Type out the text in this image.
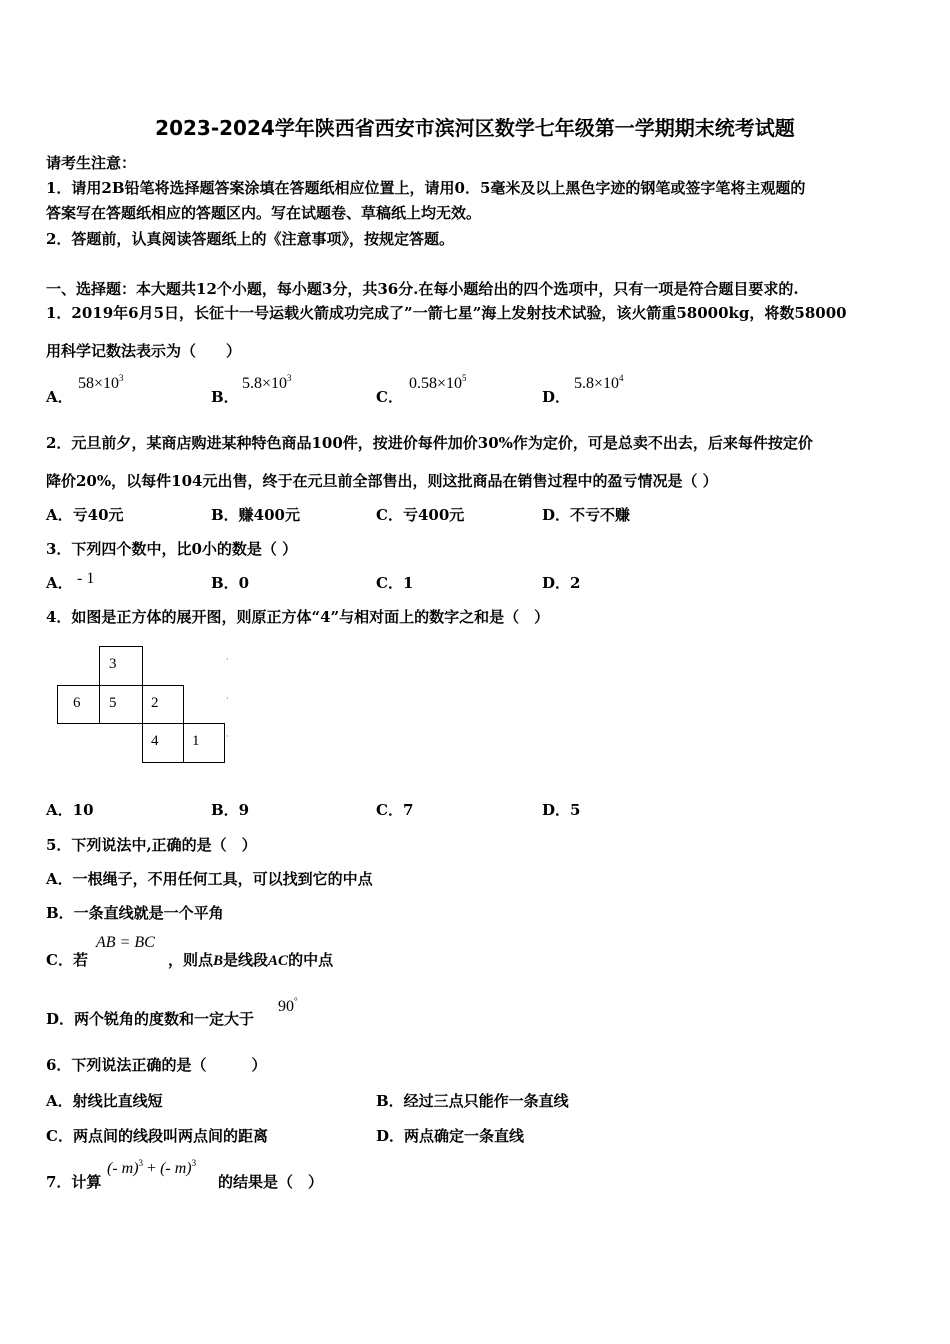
2023-2024学年陕西省西安市滨河区数学七年级第一学期期末统考试题
请考生注意：
1．请用2B铅笔将选择题答案涂填在答题纸相应位置上，请用0．5毫米及以上黑色字迹的钢笔或签字笔将主观题的
答案写在答题纸相应的答题区内。写在试题卷、草稿纸上均无效。
2．答题前，认真阅读答题纸上的《注意事项》，按规定答题。
一、选择题：本大题共12个小题，每小题3分，共36分.在每小题给出的四个选项中，只有一项是符合题目要求的.
1．2019年6月5日，长征十一号运载火箭成功完成了”一箭七星”海上发射技术试验，该火箭重58000kg，将数58000
用科学记数法表示为（　　）
A．
$58\times 10^3$
B．
$5.8\times 10^3$
C．
$0.58\times 10^5$
D．
$5.8\times 10^4$
2．元旦前夕，某商店购进某种特色商品100件，按进价每件加价30%作为定价，可是总卖不出去，后来每件按定价
降价20%，以每件104元出售，终于在元旦前全部售出，则这批商品在销售过程中的盈亏情况是（ ）
A．亏40元	B．赚400元	C．亏400元	D．不亏不赚
3．下列四个数中，比0小的数是（ ）
A． - 1	B．0	C．1	D．2
4．如图是正方体的展开图，则原正方体“4”与相对面上的数字之和是（　）
3
6 5 2
4 1
·
·
·
A．10	B．9	C．7	D．5
5．下列说法中,正确的是（　）
A．一根绳子，不用任何工具，可以找到它的中点
B．一条直线就是一个平角
C．若
AB = BC
，则点B是线段AC的中点
D．两个锐角的度数和一定大于
90°
6．下列说法正确的是（　　　）
A．射线比直线短	B．经过三点只能作一条直线
C．两点间的线段叫两点间的距离	D．两点确定一条直线
7．计算
(- m)$^3$ + (- m)$^3$
的结果是（　）
